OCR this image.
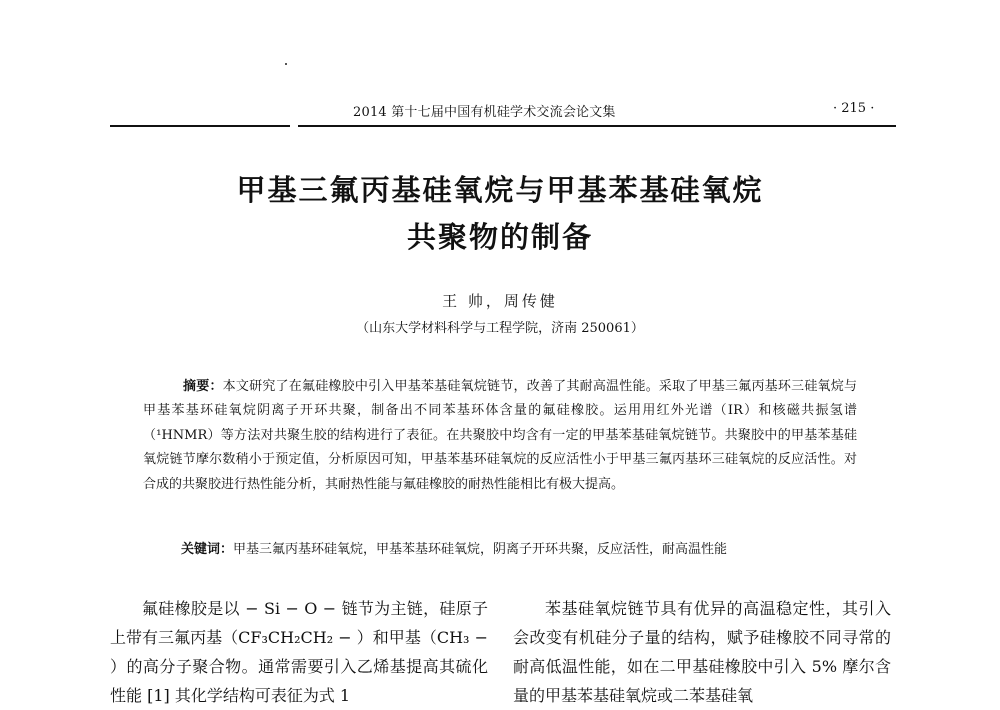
2014 第十七届中国有机硅学术交流会论文集	· 215 ·
甲基三氟丙基硅氧烷与甲基苯基硅氧烷
共聚物的制备
王 帅，周传健
（山东大学材料科学与工程学院，济南 250061）
摘要：本文研究了在氟硅橡胶中引入甲基苯基硅氧烷链节，改善了其耐高温性能。采取了甲基三氟丙基环三硅氧烷与甲基苯基环硅氧烷阴离子开环共聚，制备出不同苯基环体含量的氟硅橡胶。运用用红外光谱（IR）和核磁共振氢谱（¹HNMR）等方法对共聚生胶的结构进行了表征。在共聚胶中均含有一定的甲基苯基硅氧烷链节。共聚胶中的甲基苯基硅氧烷链节摩尔数稍小于预定值，分析原因可知，甲基苯基环硅氧烷的反应活性小于甲基三氟丙基环三硅氧烷的反应活性。对合成的共聚胶进行热性能分析，其耐热性能与氟硅橡胶的耐热性能相比有极大提高。
关键词：甲基三氟丙基环硅氧烷，甲基苯基环硅氧烷，阴离子开环共聚，反应活性，耐高温性能
氟硅橡胶是以 − Si − O − 链节为主链，硅原子上带有三氟丙基（CF₃CH₂CH₂ − ）和甲基（CH₃ − ）的高分子聚合物。通常需要引入乙烯基提高其硫化性能 [1] 其化学结构可表征为式 1
苯基硅氧烷链节具有优异的高温稳定性，其引入会改变有机硅分子量的结构，赋予硅橡胶不同寻常的耐高低温性能，如在二甲基硅橡胶中引入 5% 摩尔含量的甲基苯基硅氧烷或二苯基硅氧
